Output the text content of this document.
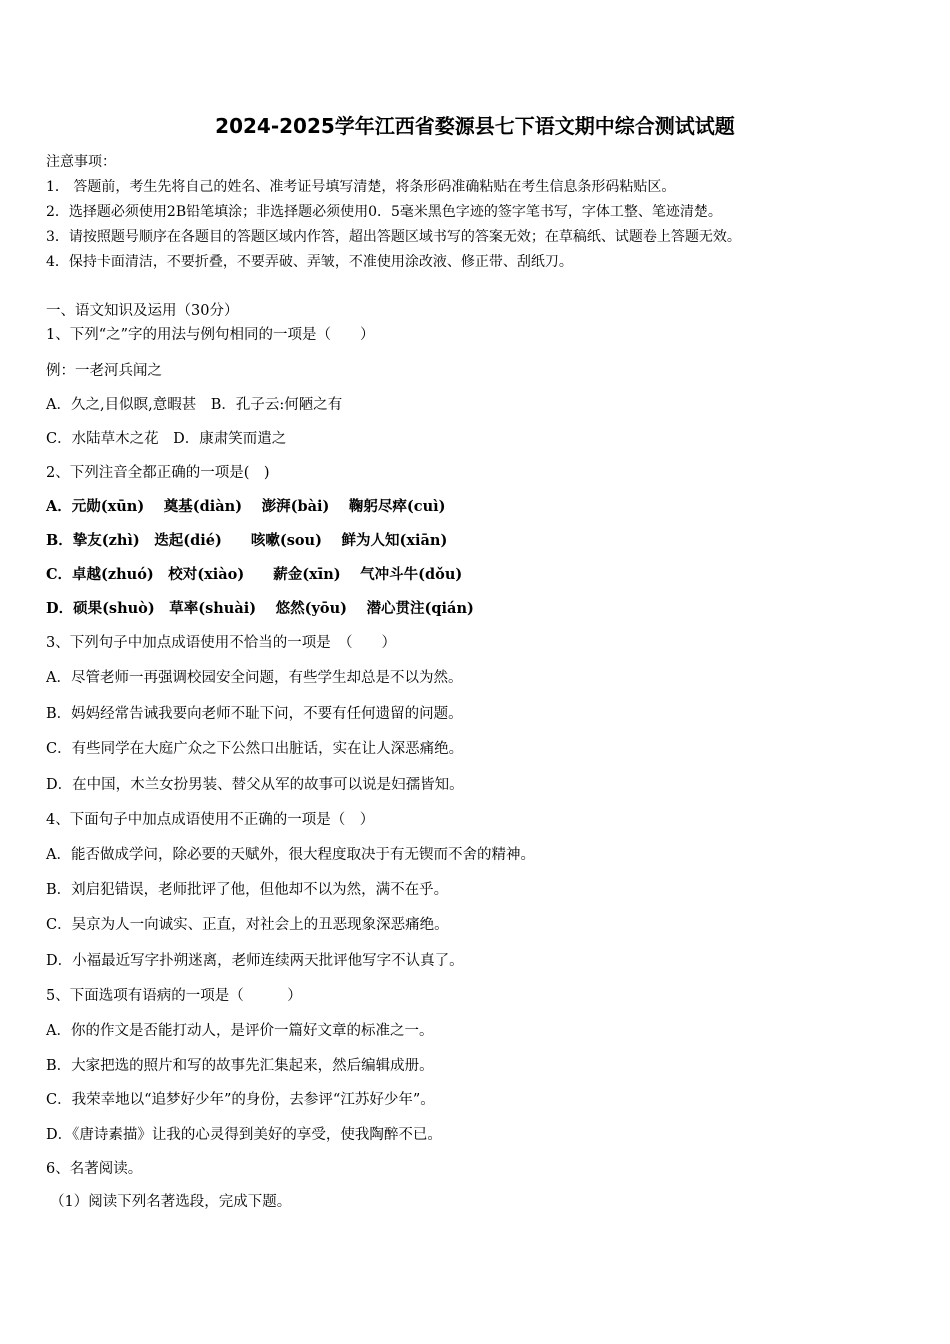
2024-2025学年江西省婺源县七下语文期中综合测试试题
注意事项：
1． 答题前，考生先将自己的姓名、准考证号填写清楚，将条形码准确粘贴在考生信息条形码粘贴区。
2．选择题必须使用2B铅笔填涂；非选择题必须使用0．5毫米黑色字迹的签字笔书写，字体工整、笔迹清楚。
3．请按照题号顺序在各题目的答题区域内作答，超出答题区域书写的答案无效；在草稿纸、试题卷上答题无效。
4．保持卡面清洁，不要折叠，不要弄破、弄皱，不准使用涂改液、修正带、刮纸刀。
一、语文知识及运用（30分）
1、下列“之”字的用法与例句相同的一项是（　　）
例：一老河兵闻之
A．久之,目似瞑,意暇甚　B．孔子云:何陋之有
C．水陆草木之花　D．康肃笑而遣之
2、下列注音全都正确的一项是(　)
A．元勋(xūn)　 奠基(diàn)　 澎湃(bài)　 鞠躬尽瘁(cuì)
B．挚友(zhì)　迭起(dié)　　咳嗽(sou)　 鲜为人知(xiān)
C．卓越(zhuó)　校对(xiào)　　薪金(xīn)　 气冲斗牛(dǒu)
D．硕果(shuò)　草率(shuài)　 悠然(yōu)　 潜心贯注(qián)
3、下列句子中加点成语使用不恰当的一项是　（　　）
A．尽管老师一再强调校园安全问题，有些学生却总是不以为然。
B．妈妈经常告诫我要向老师不耻下问，不要有任何遗留的问题。
C．有些同学在大庭广众之下公然口出脏话，实在让人深恶痛绝。
D．在中国，木兰女扮男装、替父从军的故事可以说是妇孺皆知。
4、下面句子中加点成语使用不正确的一项是（　）
A．能否做成学问，除必要的天赋外，很大程度取决于有无锲而不舍的精神。
B．刘启犯错误，老师批评了他，但他却不以为然，满不在乎。
C．吴京为人一向诚实、正直，对社会上的丑恶现象深恶痛绝。
D．小福最近写字扑朔迷离，老师连续两天批评他写字不认真了。
5、下面选项有语病的一项是（　　　）
A．你的作文是否能打动人，是评价一篇好文章的标准之一。
B．大家把选的照片和写的故事先汇集起来，然后编辑成册。
C．我荣幸地以“追梦好少年”的身份，去参评“江苏好少年”。
D．《唐诗素描》让我的心灵得到美好的享受，使我陶醉不已。
6、名著阅读。
（1）阅读下列名著选段，完成下题。
